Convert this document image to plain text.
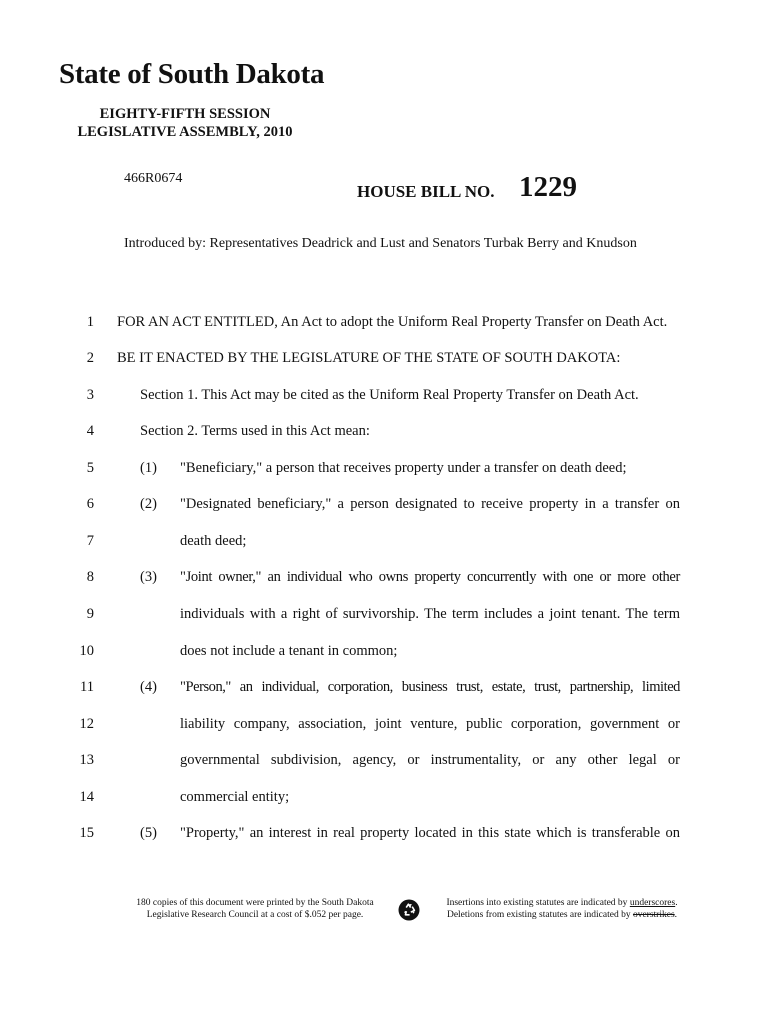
State of South Dakota
EIGHTY-FIFTH SESSION
LEGISLATIVE ASSEMBLY, 2010
466R0674
HOUSE BILL NO. 1229
Introduced by: Representatives Deadrick and Lust and Senators Turbak Berry and Knudson
1 FOR AN ACT ENTITLED, An Act to adopt the Uniform Real Property Transfer on Death Act.
2 BE IT ENACTED BY THE LEGISLATURE OF THE STATE OF SOUTH DAKOTA:
3	Section 1. This Act may be cited as the Uniform Real Property Transfer on Death Act.
4	Section 2. Terms used in this Act mean:
5	(1) "Beneficiary," a person that receives property under a transfer on death deed;
6	(2) "Designated beneficiary," a person designated to receive property in a transfer on
7	death deed;
8	(3) "Joint owner," an individual who owns property concurrently with one or more other
9	individuals with a right of survivorship. The term includes a joint tenant. The term
10	does not include a tenant in common;
11	(4) "Person," an individual, corporation, business trust, estate, trust, partnership, limited
12	liability company, association, joint venture, public corporation, government or
13	governmental subdivision, agency, or instrumentality, or any other legal or
14	commercial entity;
15	(5) "Property," an interest in real property located in this state which is transferable on
180 copies of this document were printed by the South Dakota
Legislative Research Council at a cost of $.052 per page.
Insertions into existing statutes are indicated by underscores.
Deletions from existing statutes are indicated by overstrikes.
